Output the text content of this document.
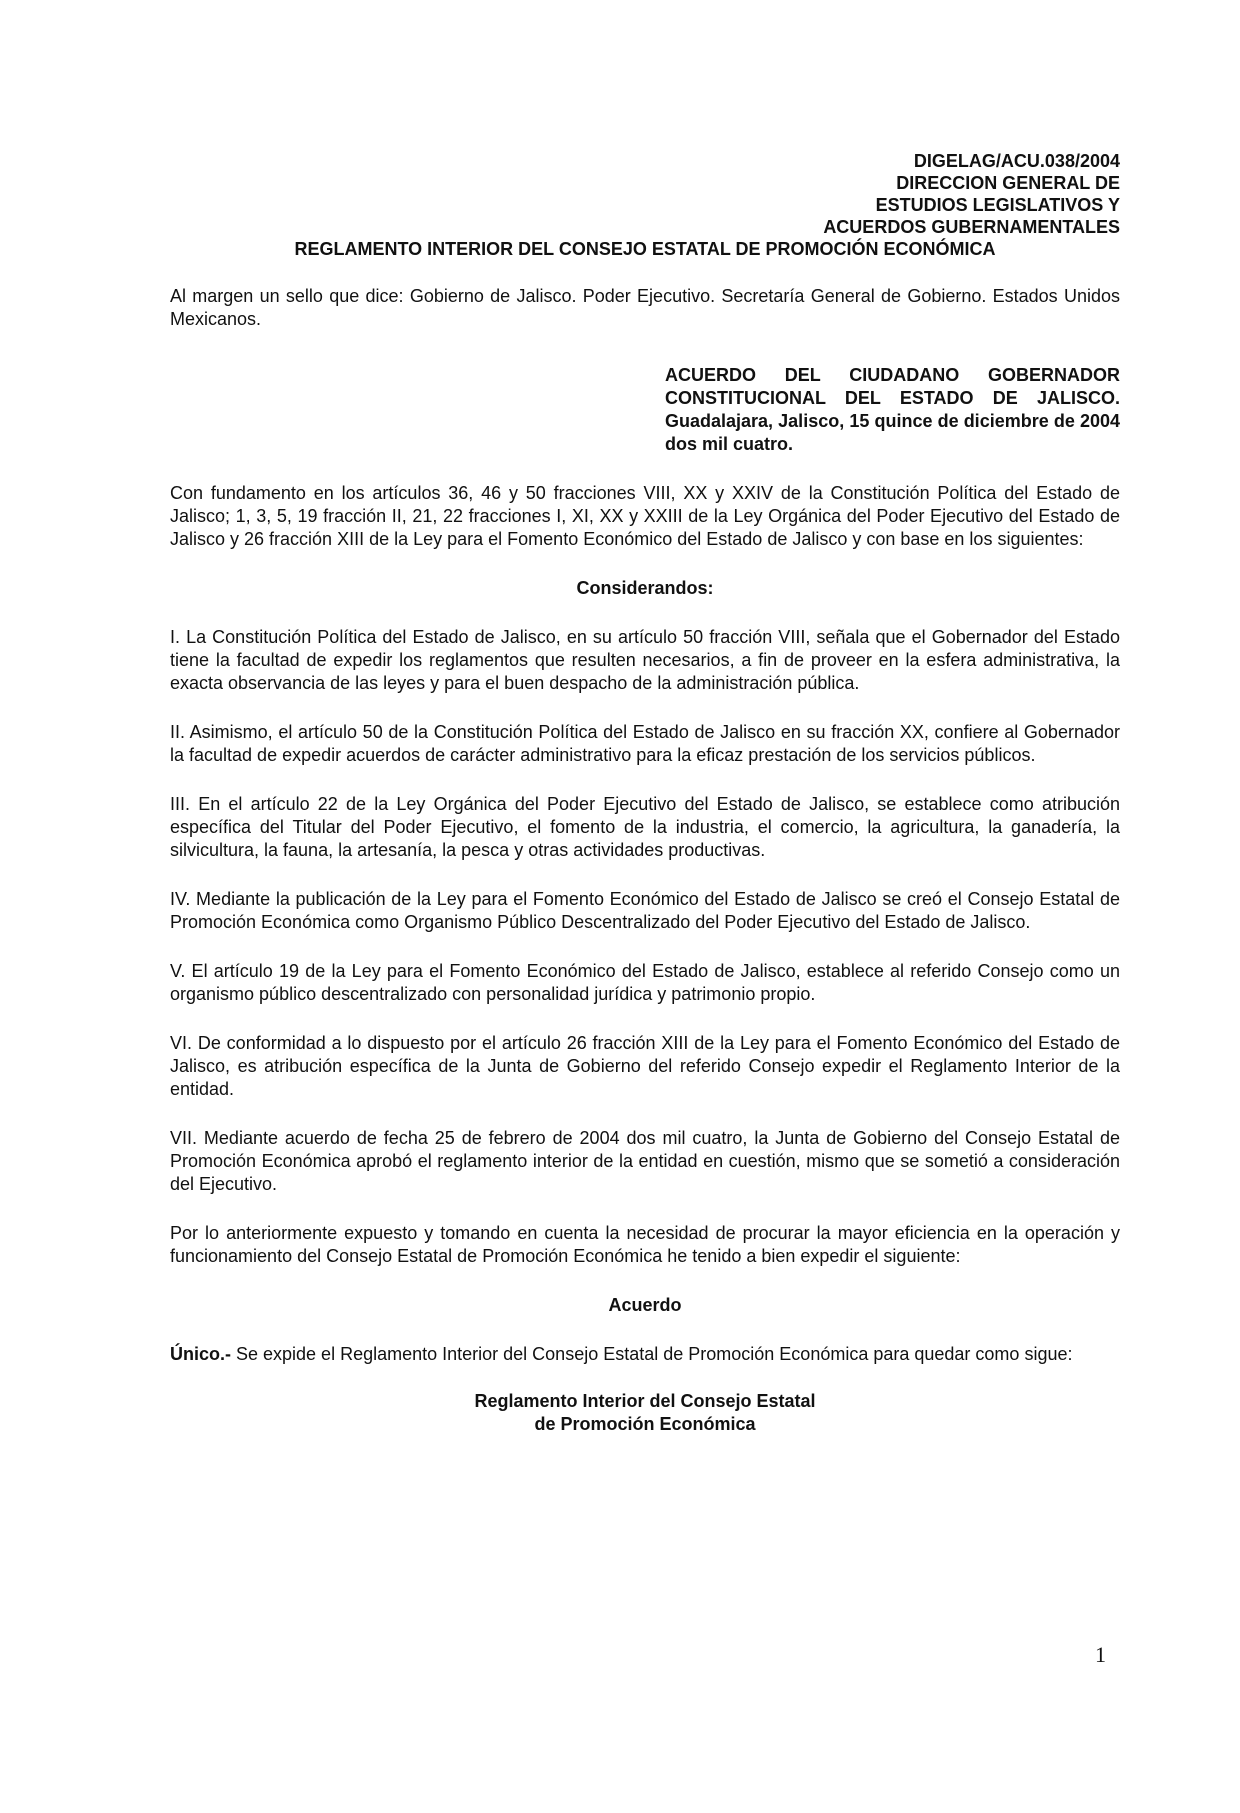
DIGELAG/ACU.038/2004
DIRECCION GENERAL DE
ESTUDIOS LEGISLATIVOS Y
ACUERDOS GUBERNAMENTALES
REGLAMENTO INTERIOR DEL CONSEJO ESTATAL DE PROMOCIÓN ECONÓMICA

Al margen un sello que dice: Gobierno de Jalisco. Poder Ejecutivo. Secretaría General de Gobierno. Estados Unidos Mexicanos.

ACUERDO DEL CIUDADANO GOBERNADOR CONSTITUCIONAL DEL ESTADO DE JALISCO. Guadalajara, Jalisco, 15 quince de diciembre de 2004 dos mil cuatro.

Con fundamento en los artículos 36, 46 y 50 fracciones VIII, XX y XXIV de la Constitución Política del Estado de Jalisco; 1, 3, 5, 19 fracción II, 21, 22 fracciones I, XI, XX y XXIII de la Ley Orgánica del Poder Ejecutivo del Estado de Jalisco y 26 fracción XIII de la Ley para el Fomento Económico del Estado de Jalisco y con base en los siguientes:

Considerandos:

I. La Constitución Política del Estado de Jalisco, en su artículo 50 fracción VIII, señala que el Gobernador del Estado tiene la facultad de expedir los reglamentos que resulten necesarios, a fin de proveer en la esfera administrativa, la exacta observancia de las leyes y para el buen despacho de la administración pública.

II. Asimismo, el artículo 50 de la Constitución Política del Estado de Jalisco en su fracción XX, confiere al Gobernador la facultad de expedir acuerdos de carácter administrativo para la eficaz prestación de los servicios públicos.

III. En el artículo 22 de la Ley Orgánica del Poder Ejecutivo del Estado de Jalisco, se establece como atribución específica del Titular del Poder Ejecutivo, el fomento de la industria, el comercio, la agricultura, la ganadería, la silvicultura, la fauna, la artesanía, la pesca y otras actividades productivas.

IV. Mediante la publicación de la Ley para el Fomento Económico del Estado de Jalisco se creó el Consejo Estatal de Promoción Económica como Organismo Público Descentralizado del Poder Ejecutivo del Estado de Jalisco.

V. El artículo 19 de la Ley para el Fomento Económico del Estado de Jalisco, establece al referido Consejo como un organismo público descentralizado con personalidad jurídica y patrimonio propio.

VI. De conformidad a lo dispuesto por el artículo 26 fracción XIII de la Ley para el Fomento Económico del Estado de Jalisco, es atribución específica de la Junta de Gobierno del referido Consejo expedir el Reglamento Interior de la entidad.

VII. Mediante acuerdo de fecha 25 de febrero de 2004 dos mil cuatro, la Junta de Gobierno del Consejo Estatal de Promoción Económica aprobó el reglamento interior de la entidad en cuestión, mismo que se sometió a consideración del Ejecutivo.

Por lo anteriormente expuesto y tomando en cuenta la necesidad de procurar la mayor eficiencia en la operación y funcionamiento del Consejo Estatal de Promoción Económica he tenido a bien expedir el siguiente:

Acuerdo

Único.- Se expide el Reglamento Interior del Consejo Estatal de Promoción Económica para quedar como sigue:

Reglamento Interior del Consejo Estatal
de Promoción Económica
1
